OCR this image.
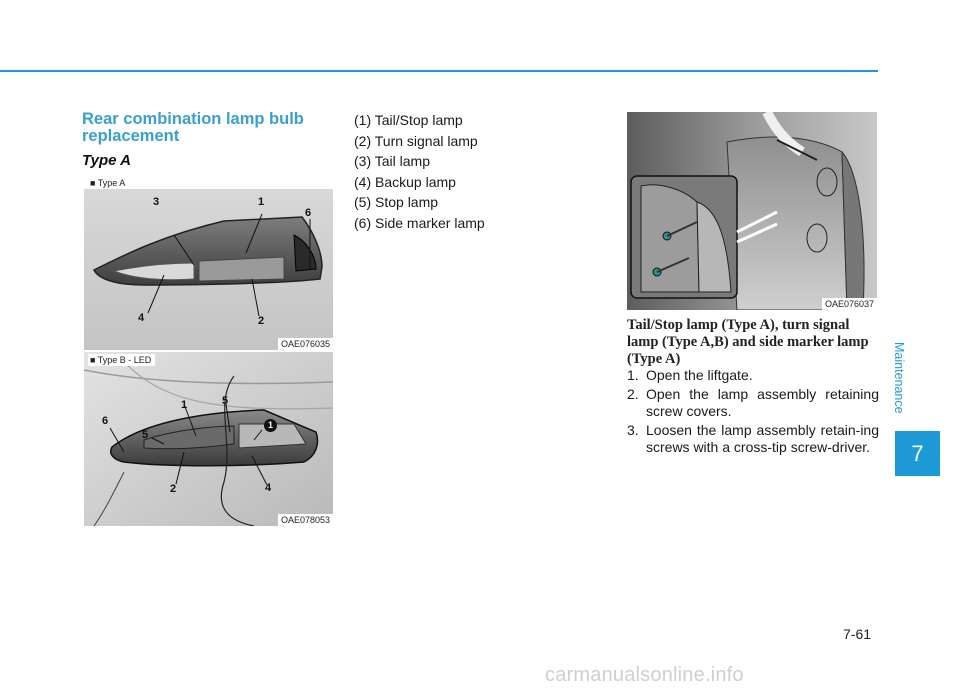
Rear combination lamp bulb replacement
Type A
■ Type A
3	1
6
4	2
OAE076035
■ Type B - LED
1	5
1
6
5
2	4
OAE078053
(1) Tail/Stop lamp
(2) Turn signal lamp
(3) Tail lamp
(4) Backup lamp
(5) Stop lamp
(6) Side marker lamp
OAE076037
Tail/Stop lamp (Type A), turn signal lamp (Type A,B) and side marker lamp (Type A)
1. Open the liftgate.
2. Open the lamp assembly retaining screw covers.
3. Loosen the lamp assembly retain-ing screws with a cross-tip screw-driver.
Maintenance
7
7-61
carmanualsonline.info
